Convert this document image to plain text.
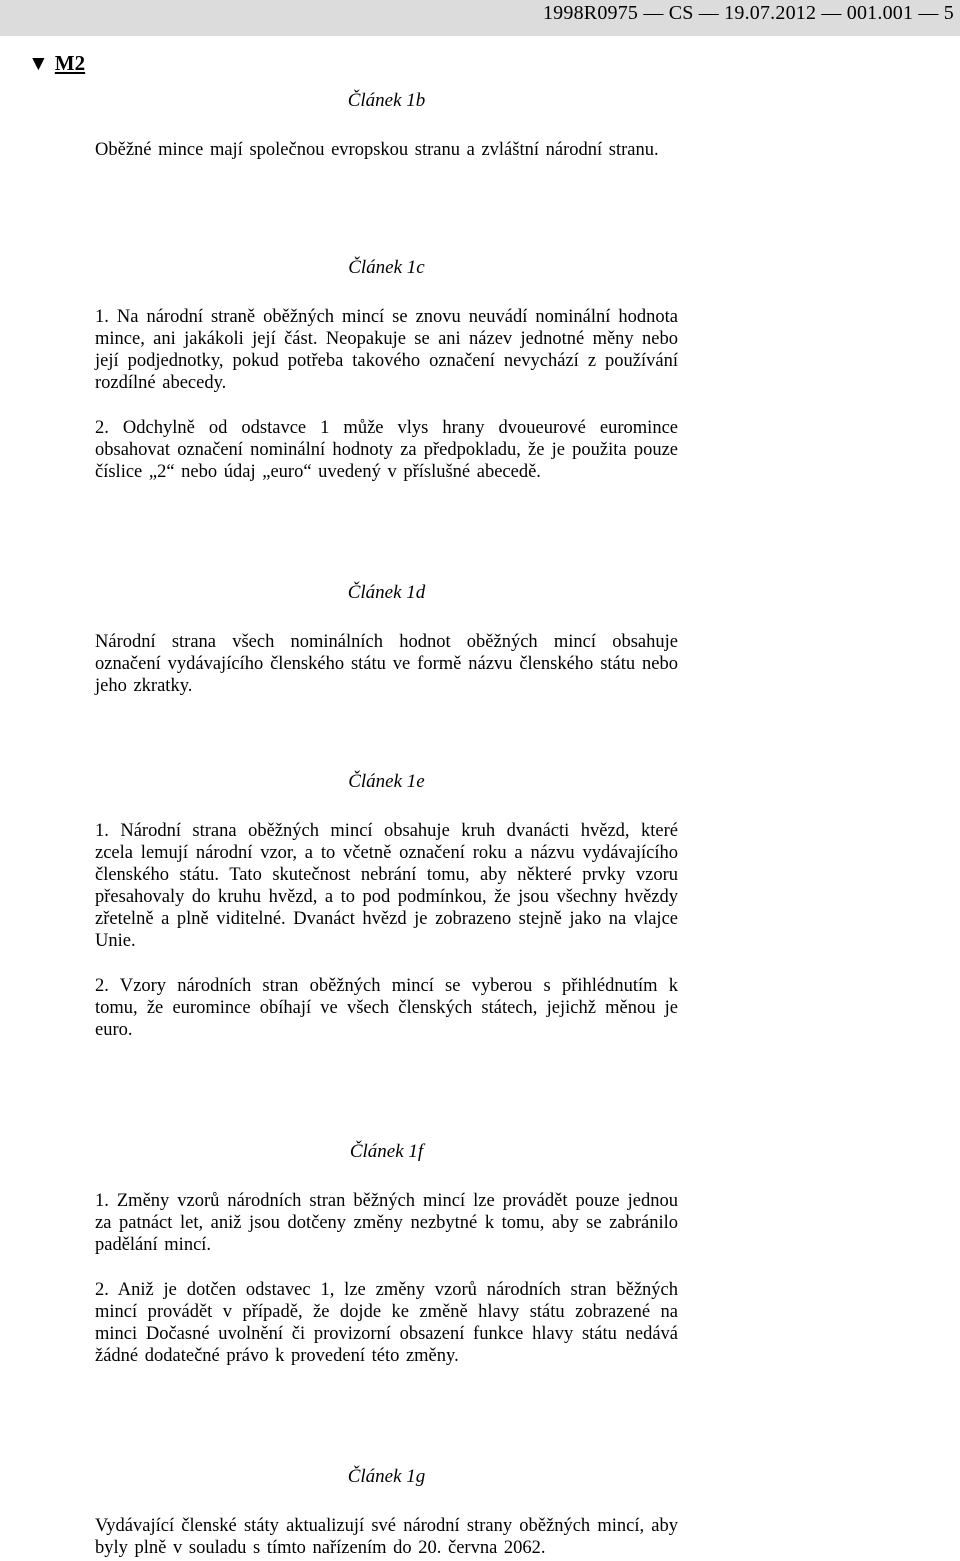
1998R0975 — CS — 19.07.2012 — 001.001 — 5
▼ M2
Článek 1b

Oběžné mince mají společnou evropskou stranu a zvláštní národní stranu.

Článek 1c

1. Na národní straně oběžných mincí se znovu neuvádí nominální hodnota mince, ani jakákoli její část. Neopakuje se ani název jednotné měny nebo její podjednotky, pokud potřeba takového označení nevychází z používání rozdílné abecedy.

2. Odchylně od odstavce 1 může vlys hrany dvoueurové euromince obsahovat označení nominální hodnoty za předpokladu, že je použita pouze číslice „2“ nebo údaj „euro“ uvedený v příslušné abecedě.

Článek 1d

Národní strana všech nominálních hodnot oběžných mincí obsahuje označení vydávajícího členského státu ve formě názvu členského státu nebo jeho zkratky.

Článek 1e

1. Národní strana oběžných mincí obsahuje kruh dvanácti hvězd, které zcela lemují národní vzor, a to včetně označení roku a názvu vydávajícího členského státu. Tato skutečnost nebrání tomu, aby některé prvky vzoru přesahovaly do kruhu hvězd, a to pod podmínkou, že jsou všechny hvězdy zřetelně a plně viditelné. Dvanáct hvězd je zobrazeno stejně jako na vlajce Unie.

2. Vzory národních stran oběžných mincí se vyberou s přihlédnutím k tomu, že euromince obíhají ve všech členských státech, jejichž měnou je euro.

Článek 1f

1. Změny vzorů národních stran běžných mincí lze provádět pouze jednou za patnáct let, aniž jsou dotčeny změny nezbytné k tomu, aby se zabránilo padělání mincí.

2. Aniž je dotčen odstavec 1, lze změny vzorů národních stran běžných mincí provádět v případě, že dojde ke změně hlavy státu zobrazené na minci Dočasné uvolnění či provizorní obsazení funkce hlavy státu nedává žádné dodatečné právo k provedení této změny.

Článek 1g

Vydávající členské státy aktualizují své národní strany oběžných mincí, aby byly plně v souladu s tímto nařízením do 20. června 2062.
